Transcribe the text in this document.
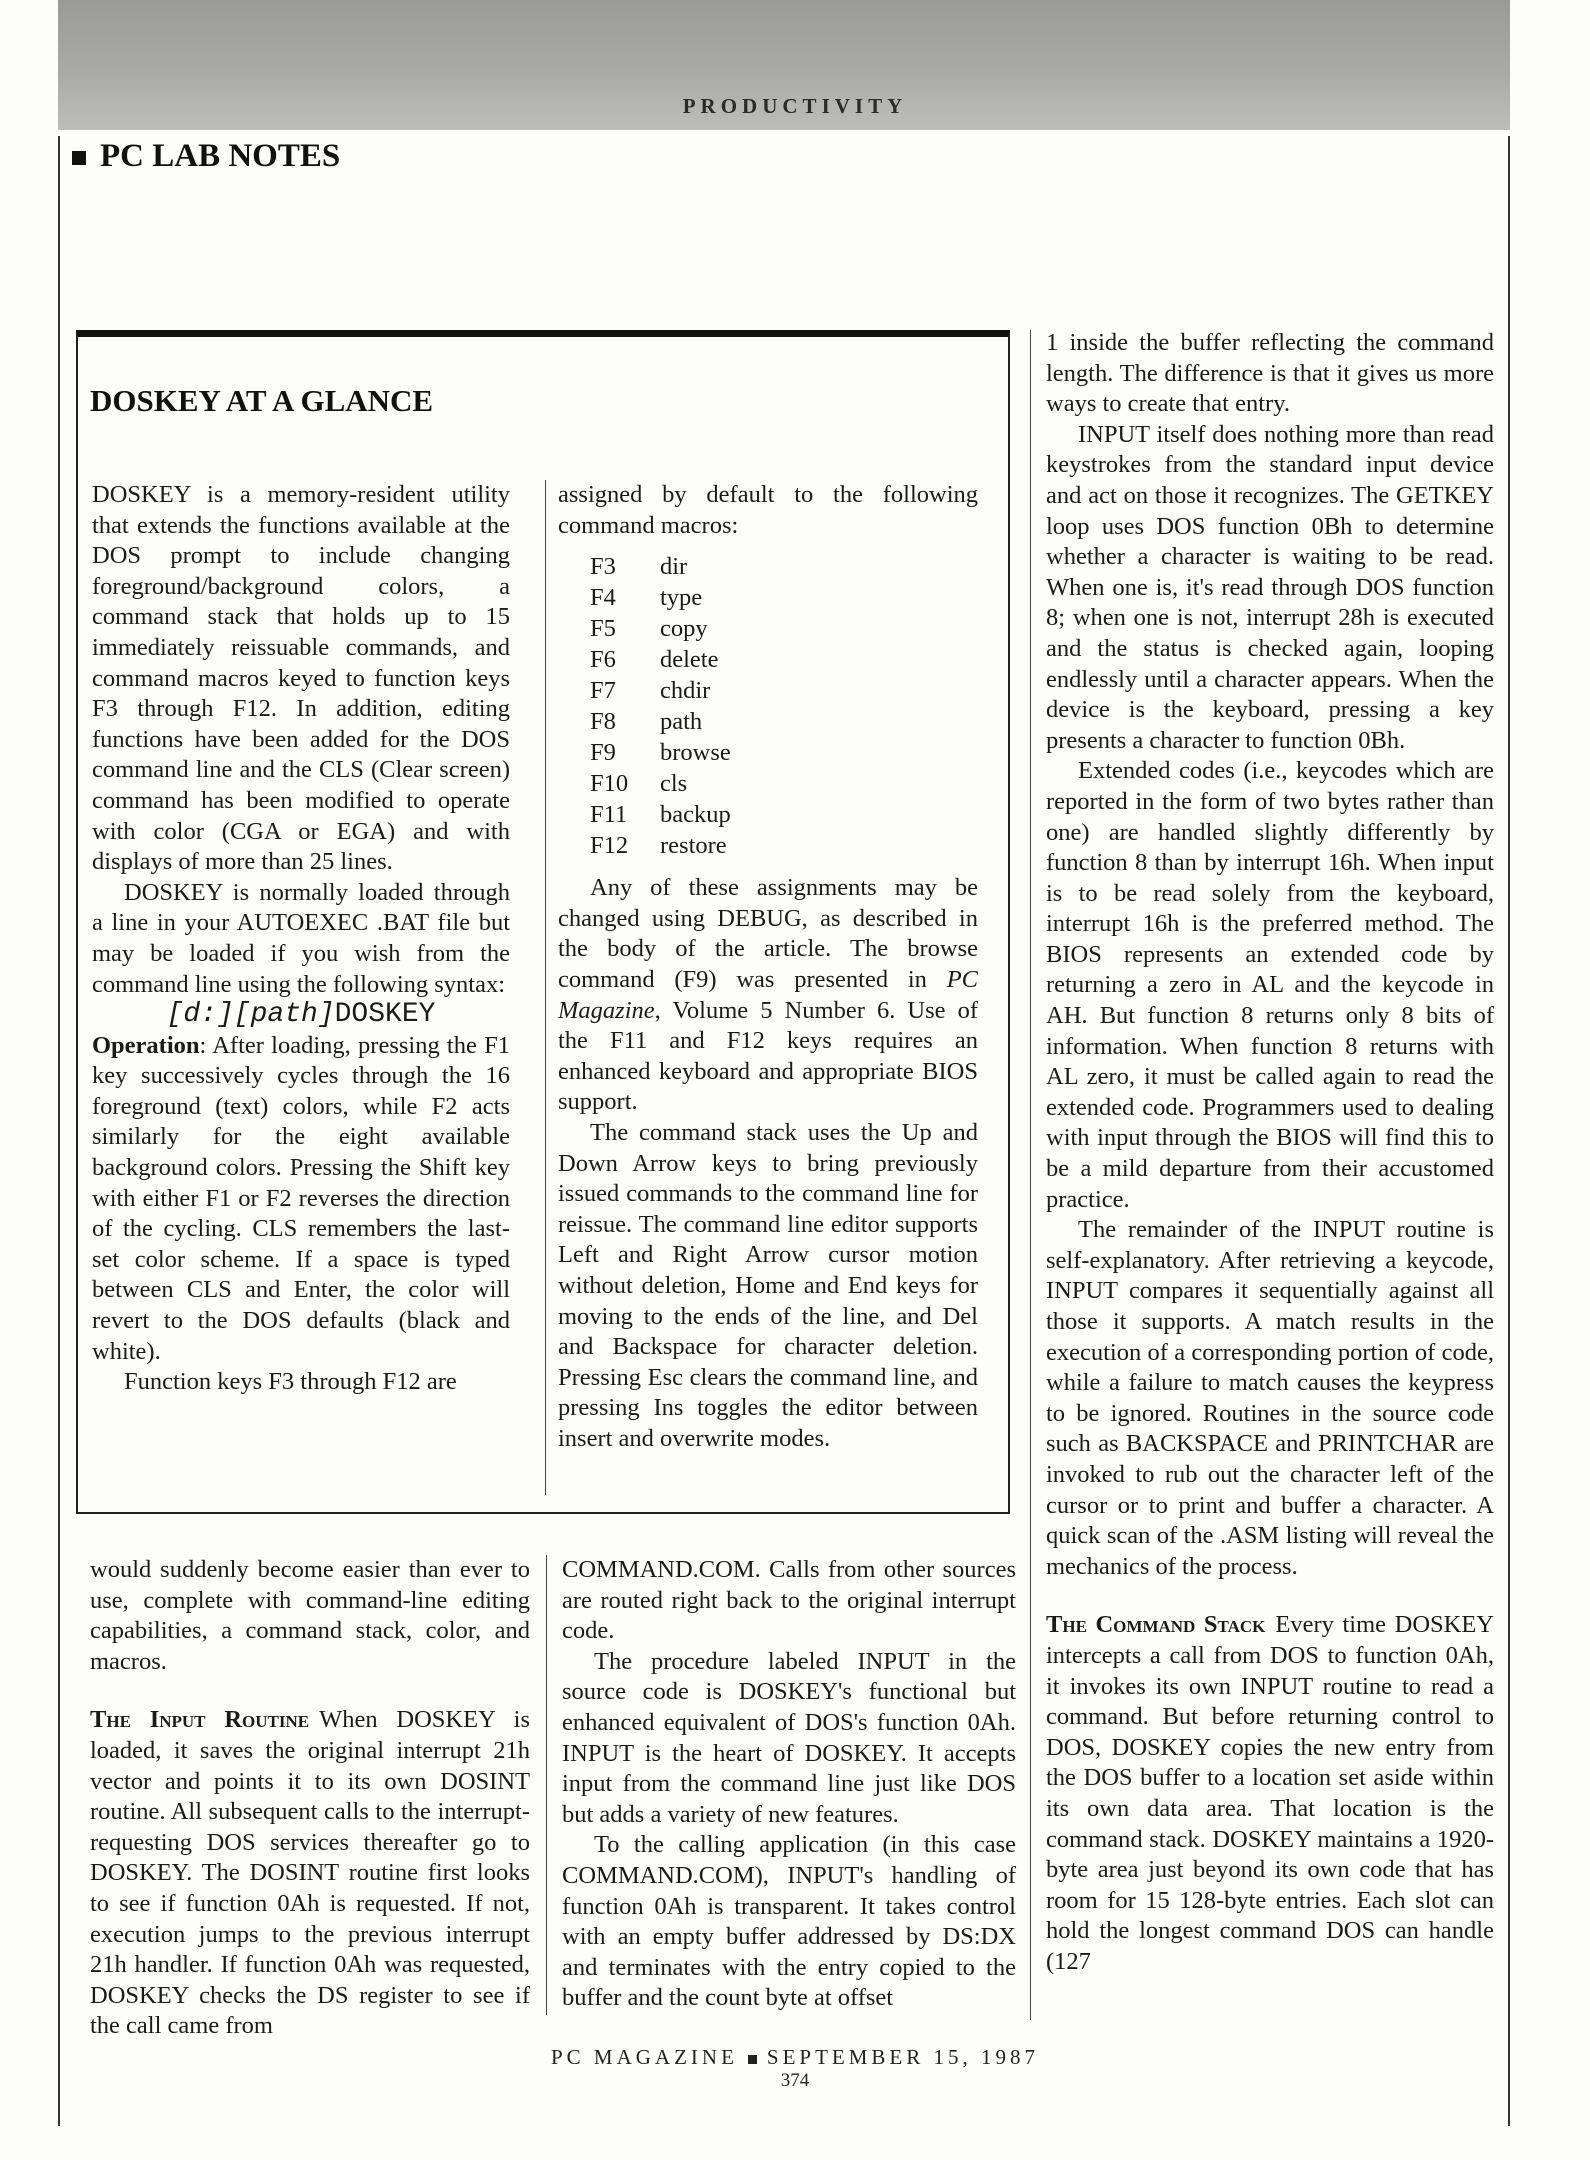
PRODUCTIVITY
PC LAB NOTES
DOSKEY AT A GLANCE

DOSKEY is a memory-resident utility that extends the functions available at the DOS prompt to include changing foreground/background colors, a command stack that holds up to 15 immediately reissuable commands, and command macros keyed to function keys F3 through F12. In addition, editing functions have been added for the DOS command line and the CLS (Clear screen) command has been modified to operate with color (CGA or EGA) and with displays of more than 25 lines.

DOSKEY is normally loaded through a line in your AUTOEXEC .BAT file but may be loaded if you wish from the command line using the following syntax:

[d:][path]DOSKEY

Operation: After loading, pressing the F1 key successively cycles through the 16 foreground (text) colors, while F2 acts similarly for the eight available background colors. Pressing the Shift key with either F1 or F2 reverses the direction of the cycling. CLS remembers the last-set color scheme. If a space is typed between CLS and Enter, the color will revert to the DOS defaults (black and white).

Function keys F3 through F12 are

assigned by default to the following command macros:

F3	dir
F4	type
F5	copy
F6	delete
F7	chdir
F8	path
F9	browse
F10	cls
F11	backup
F12	restore

Any of these assignments may be changed using DEBUG, as described in the body of the article. The browse command (F9) was presented in PC Magazine, Volume 5 Number 6. Use of the F11 and F12 keys requires an enhanced keyboard and appropriate BIOS support.

The command stack uses the Up and Down Arrow keys to bring previously issued commands to the command line for reissue. The command line editor supports Left and Right Arrow cursor motion without deletion, Home and End keys for moving to the ends of the line, and Del and Backspace for character deletion. Pressing Esc clears the command line, and pressing Ins toggles the editor between insert and overwrite modes.

would suddenly become easier than ever to use, complete with command-line editing capabilities, a command stack, color, and macros.

The Input Routine When DOSKEY is loaded, it saves the original interrupt 21h vector and points it to its own DOSINT routine. All subsequent calls to the interrupt-requesting DOS services thereafter go to DOSKEY. The DOSINT routine first looks to see if function 0Ah is requested. If not, execution jumps to the previous interrupt 21h handler. If function 0Ah was requested, DOSKEY checks the DS register to see if the call came from

COMMAND.COM. Calls from other sources are routed right back to the original interrupt code.

The procedure labeled INPUT in the source code is DOSKEY's functional but enhanced equivalent of DOS's function 0Ah. INPUT is the heart of DOSKEY. It accepts input from the command line just like DOS but adds a variety of new features.

To the calling application (in this case COMMAND.COM), INPUT's handling of function 0Ah is transparent. It takes control with an empty buffer addressed by DS:DX and terminates with the entry copied to the buffer and the count byte at offset

1 inside the buffer reflecting the command length. The difference is that it gives us more ways to create that entry.

INPUT itself does nothing more than read keystrokes from the standard input device and act on those it recognizes. The GETKEY loop uses DOS function 0Bh to determine whether a character is waiting to be read. When one is, it's read through DOS function 8; when one is not, interrupt 28h is executed and the status is checked again, looping endlessly until a character appears. When the device is the keyboard, pressing a key presents a character to function 0Bh.

Extended codes (i.e., keycodes which are reported in the form of two bytes rather than one) are handled slightly differently by function 8 than by interrupt 16h. When input is to be read solely from the keyboard, interrupt 16h is the preferred method. The BIOS represents an extended code by returning a zero in AL and the keycode in AH. But function 8 returns only 8 bits of information. When function 8 returns with AL zero, it must be called again to read the extended code. Programmers used to dealing with input through the BIOS will find this to be a mild departure from their accustomed practice.

The remainder of the INPUT routine is self-explanatory. After retrieving a keycode, INPUT compares it sequentially against all those it supports. A match results in the execution of a corresponding portion of code, while a failure to match causes the keypress to be ignored. Routines in the source code such as BACKSPACE and PRINTCHAR are invoked to rub out the character left of the cursor or to print and buffer a character. A quick scan of the .ASM listing will reveal the mechanics of the process.

The Command Stack Every time DOSKEY intercepts a call from DOS to function 0Ah, it invokes its own INPUT routine to read a command. But before returning control to DOS, DOSKEY copies the new entry from the DOS buffer to a location set aside within its own data area. That location is the command stack. DOSKEY maintains a 1920-byte area just beyond its own code that has room for 15 128-byte entries. Each slot can hold the longest command DOS can handle (127

PC MAGAZINE SEPTEMBER 15, 1987
374
